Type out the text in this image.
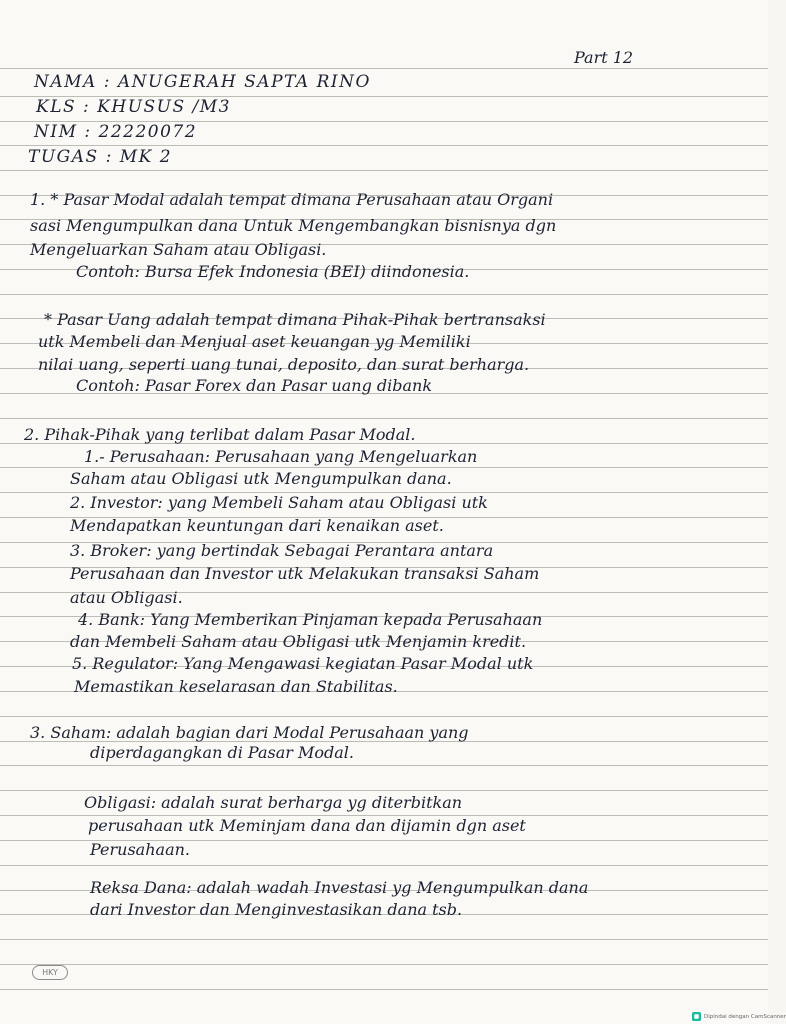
Part 12
NAMA : ANUGERAH SAPTA RINO
KLS : KHUSUS /M3
NIM : 22220072
TUGAS : MK 2
1. * Pasar Modal adalah tempat dimana Perusahaan atau Organi
sasi Mengumpulkan dana Untuk Mengembangkan bisnisnya dgn
Mengeluarkan Saham atau Obligasi.
Contoh: Bursa Efek Indonesia (BEI) diindonesia.
* Pasar Uang adalah tempat dimana Pihak-Pihak bertransaksi
utk Membeli dan Menjual aset keuangan yg Memiliki
nilai uang, seperti uang tunai, deposito, dan surat berharga.
Contoh: Pasar Forex dan Pasar uang dibank
2. Pihak-Pihak yang terlibat dalam Pasar Modal.
1.- Perusahaan: Perusahaan yang Mengeluarkan
Saham atau Obligasi utk Mengumpulkan dana.
2. Investor: yang Membeli Saham atau Obligasi utk
Mendapatkan keuntungan dari kenaikan aset.
3. Broker: yang bertindak Sebagai Perantara antara
Perusahaan dan Investor utk Melakukan transaksi Saham
atau Obligasi.
4. Bank: Yang Memberikan Pinjaman kepada Perusahaan
dan Membeli Saham atau Obligasi utk Menjamin kredit.
5. Regulator: Yang Mengawasi kegiatan Pasar Modal utk
Memastikan keselarasan dan Stabilitas.
3. Saham: adalah bagian dari Modal Perusahaan yang
diperdagangkan di Pasar Modal.
Obligasi: adalah surat berharga yg diterbitkan
perusahaan utk Meminjam dana dan dijamin dgn aset
Perusahaan.
Reksa Dana: adalah wadah Investasi yg Mengumpulkan dana
dari Investor dan Menginvestasikan dana tsb.
HKY
Dipindai dengan CamScanner
